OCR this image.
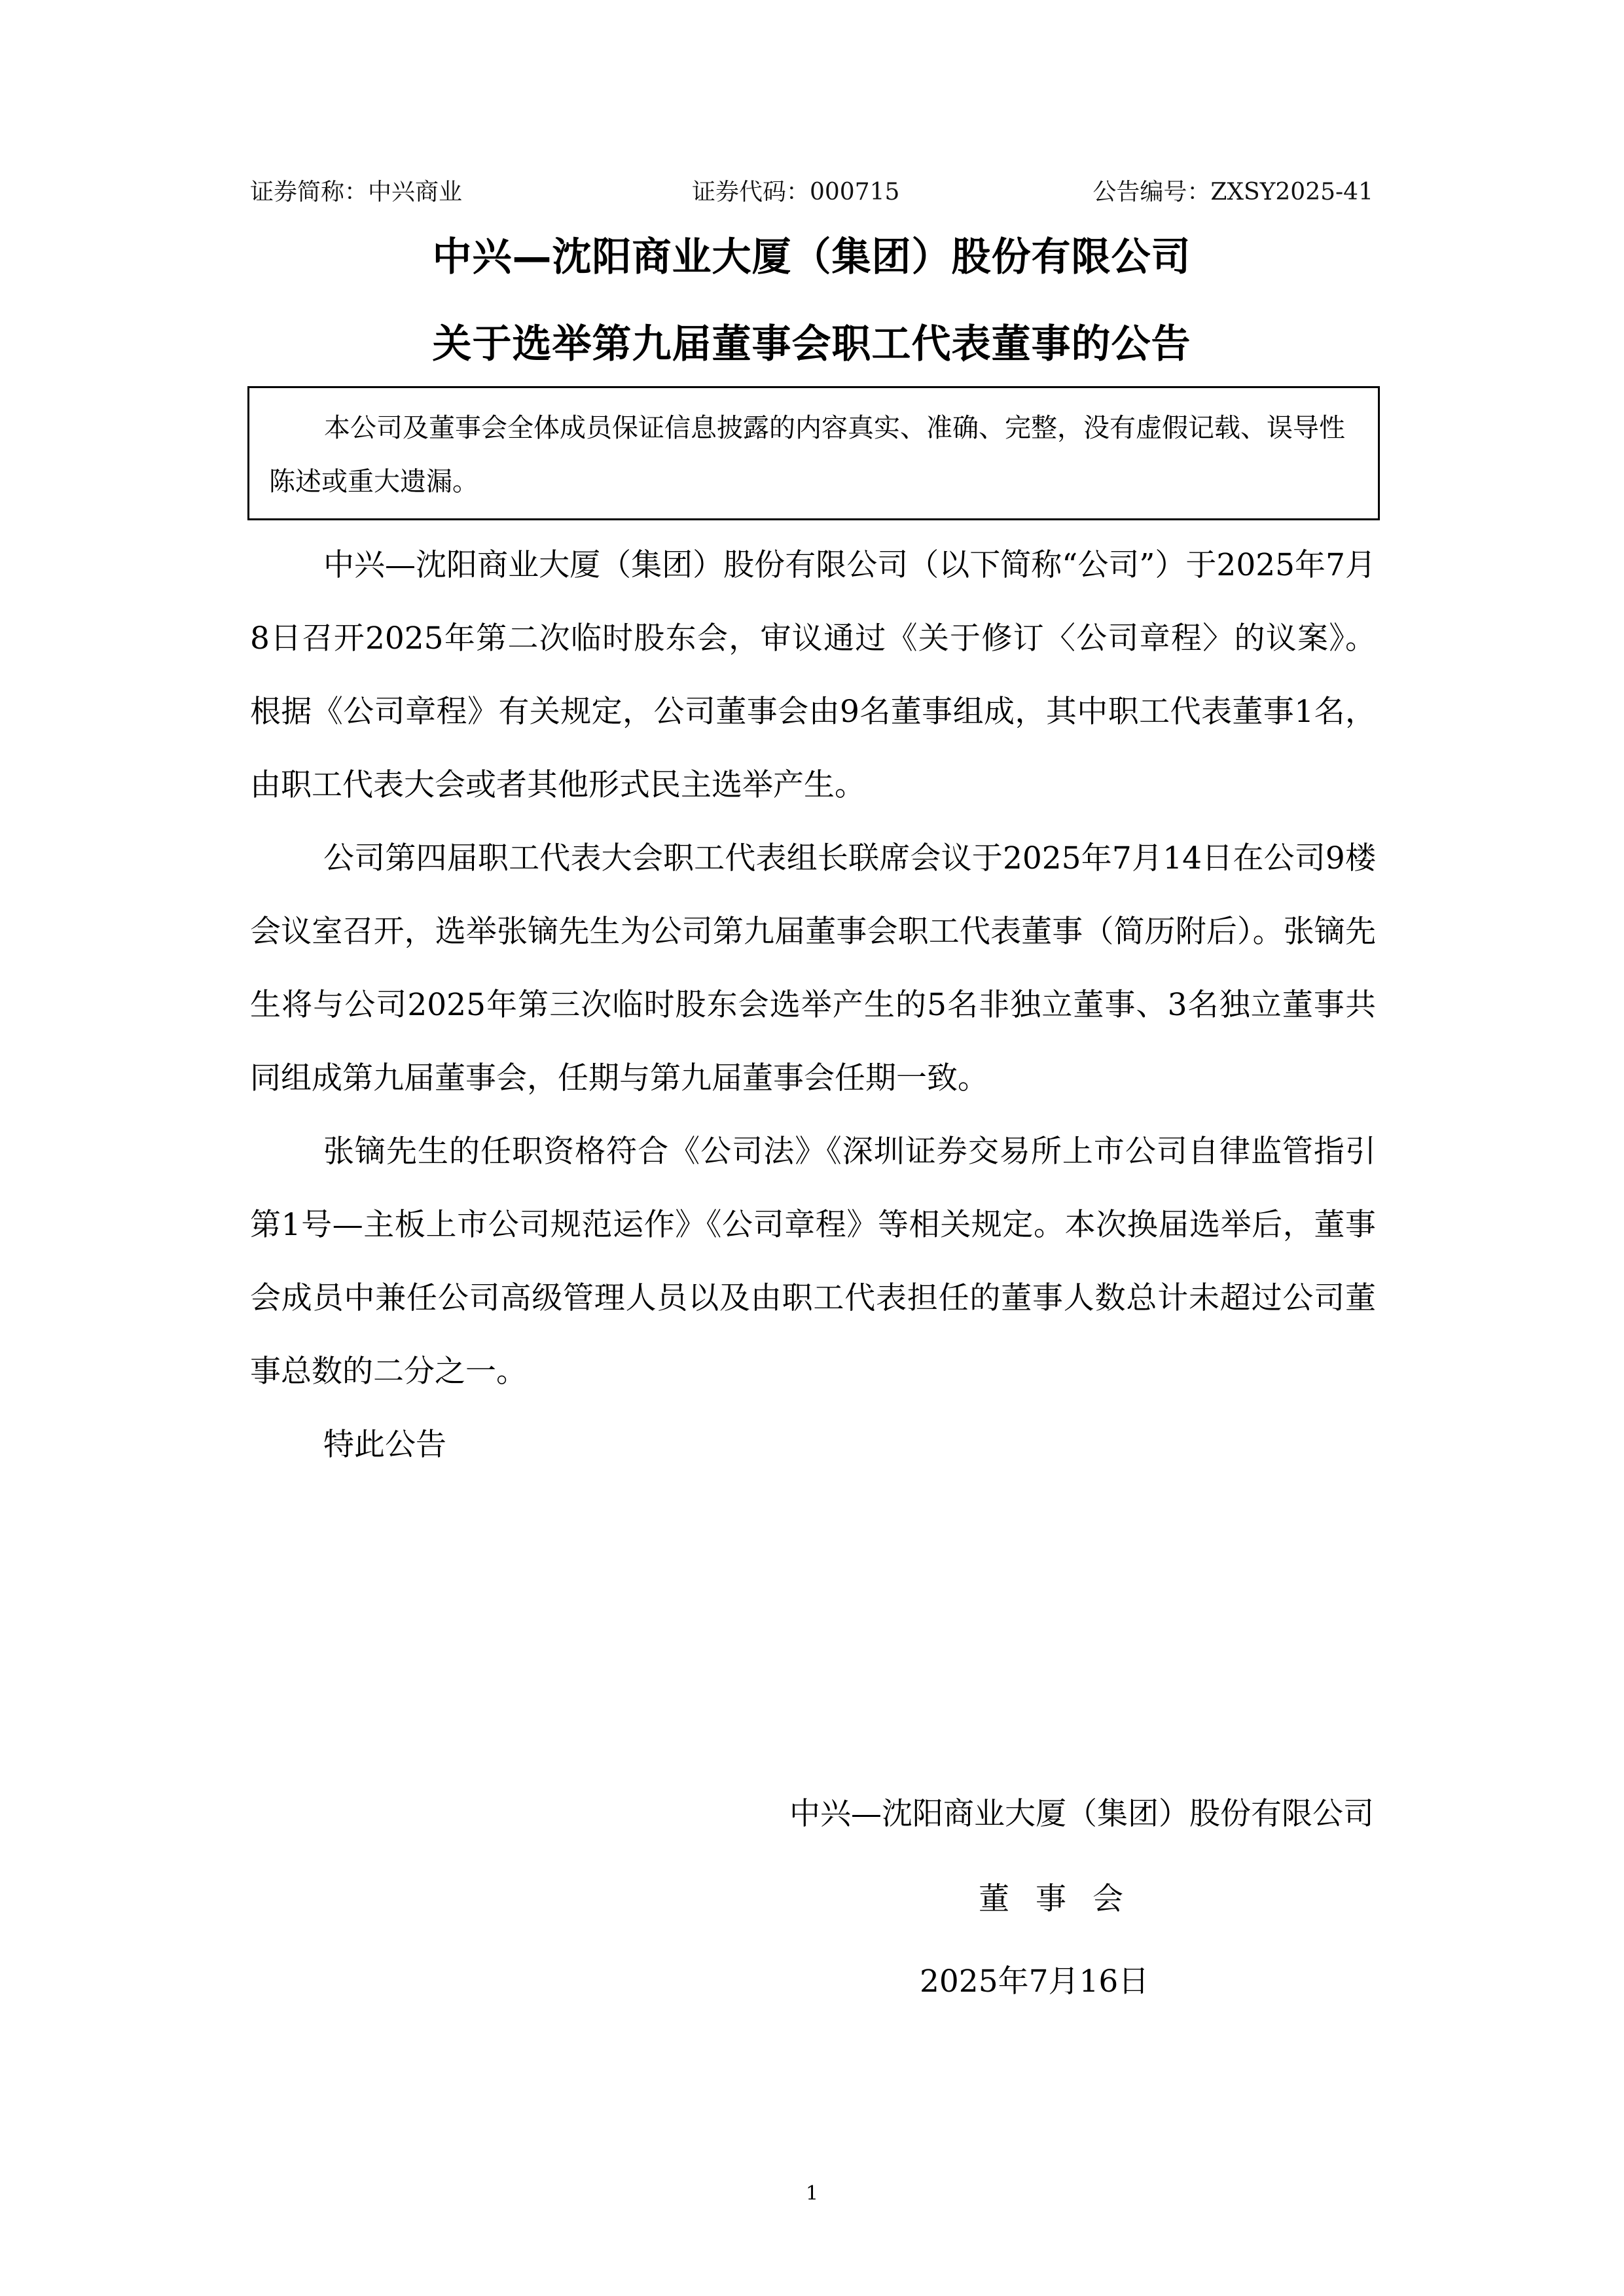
证券简称：中兴商业	证券代码：000715	公告编号：ZXSY2025-41
中兴—沈阳商业大厦（集团）股份有限公司
关于选举第九届董事会职工代表董事的公告

本公司及董事会全体成员保证信息披露的内容真实、准确、完整，没有虚假记载、误导性陈述或重大遗漏。

中兴—沈阳商业大厦（集团）股份有限公司（以下简称“公司”）于2025年7月8日召开2025年第二次临时股东会，审议通过《关于修订〈公司章程〉的议案》。根据《公司章程》有关规定，公司董事会由9名董事组成，其中职工代表董事1名，由职工代表大会或者其他形式民主选举产生。

公司第四届职工代表大会职工代表组长联席会议于2025年7月14日在公司9楼会议室召开，选举张镝先生为公司第九届董事会职工代表董事（简历附后）。张镝先生将与公司2025年第三次临时股东会选举产生的5名非独立董事、3名独立董事共同组成第九届董事会，任期与第九届董事会任期一致。

张镝先生的任职资格符合《公司法》《深圳证券交易所上市公司自律监管指引第1号—主板上市公司规范运作》《公司章程》等相关规定。本次换届选举后，董事会成员中兼任公司高级管理人员以及由职工代表担任的董事人数总计未超过公司董事总数的二分之一。

特此公告

中兴—沈阳商业大厦（集团）股份有限公司
董事会
2025年7月16日
1
